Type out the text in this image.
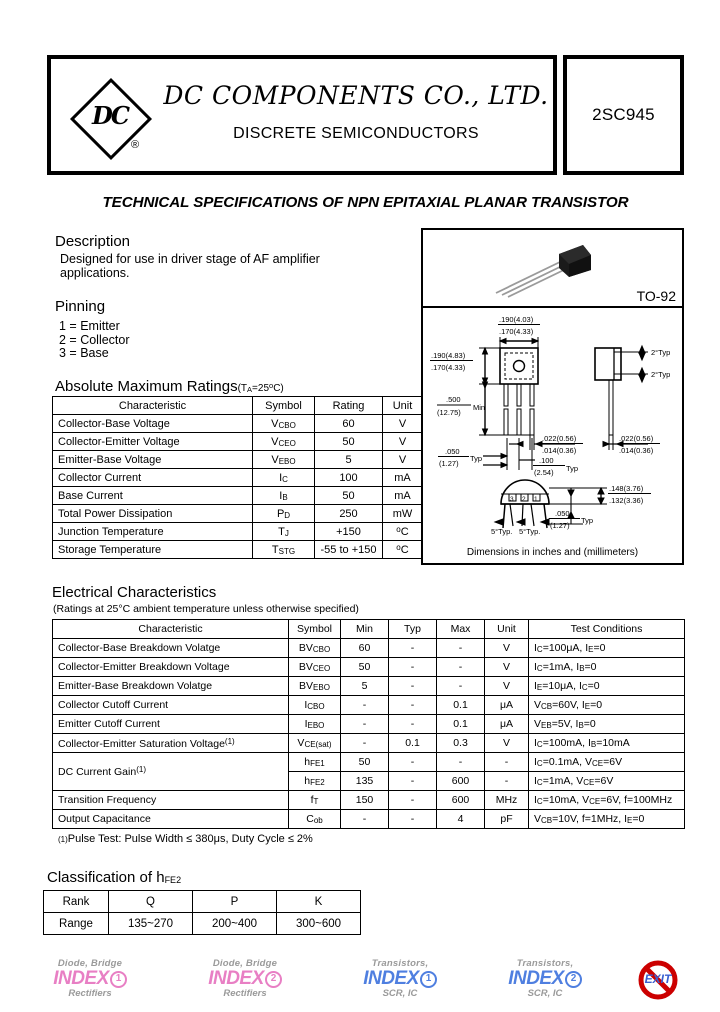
DC
®
DC COMPONENTS CO., LTD.
DISCRETE SEMICONDUCTORS
2SC945
TECHNICAL SPECIFICATIONS OF NPN EPITAXIAL PLANAR TRANSISTOR
Description
Designed for use in driver stage of AF amplifier applications.
Pinning
1 = Emitter
2 = Collector
3 = Base
Absolute Maximum $Ratings(TA=25^oC)$
Characteristic	Symbol	Rating	Unit
Collector-Base Voltage	VCBO	60	V
Collector-Emitter Voltage	VCEO	50	V
Emitter-Base Voltage	VEBO	5	V
Collector Current	IC	100	mA
Base Current	IB	50	mA
Total Power Dissipation	PD	250	mW
Junction Temperature	TJ	+150	$^o$C
Storage Temperature	TSTG	-55 to +150	$^o$C
Electrical Characteristics
(Ratings at 25°C ambient temperature unless otherwise specified)
Characteristic	Symbol	Min	Typ	Max	Unit	Test Conditions
Collector-Base Breakdown Volatge	BVCBO	60	-	-	V	IC=100μA, IE=0
Collector-Emitter Breakdown Voltage	BVCEO	50	-	-	V	IC=1mA, IB=0
Emitter-Base Breakdown Volatge	BVEBO	5	-	-	V	IE=10μA, IC=0
Collector Cutoff Current	ICBO	-	-	0.1	μA	VCB=60V, IE=0
Emitter Cutoff Current	IEBO	-	-	0.1	μA	VEB=5V, IB=0
Collector-Emitter Saturation Voltage$^{(1)}$	VCE(sat)	-	0.1	0.3	V	IC=100mA, IB=10mA
DC Current Gain$^{(1)}$	hFE1	50	-	-	-	IC=0.1mA, VCE=6V
	hFE2	135	-	600	-	IC=1mA, VCE=6V
Transition Frequency	fT	150	-	600	MHz	IC=10mA, VCE=6V, f=100MHz
Output Capacitance	Cob	-	-	4	pF	VCB=10V, f=1MHz, IE=0
(1)Pulse Test: Pulse Width ≤ 380μs, Duty Cycle ≤ 2%
Classification of hFE2
Rank	Q	P	K
Range	135~270	200~400	300~600
TO-92
.190(4.03)
.170(4.33)
.190(4.83)
.170(4.33)
.500
(12.75)
Min
.022(0.56)
.014(0.36)
.050
(1.27)
Typ	.100
(2.54) Typ
2°Typ
2°Typ
.022(0.56)
.014(0.36)
.148(3.76)
.132(3.36)
.050
(1.27)
Typ
5°Typ. 5°Typ.
3 2 1
Dimensions in inches and (millimeters)
Diode, Bridge
INDEX 1
Rectifiers
Diode, Bridge
INDEX 2
Rectifiers
Transistors,
INDEX 1
SCR, IC
Transistors,
INDEX 2
SCR, IC
EXIT
